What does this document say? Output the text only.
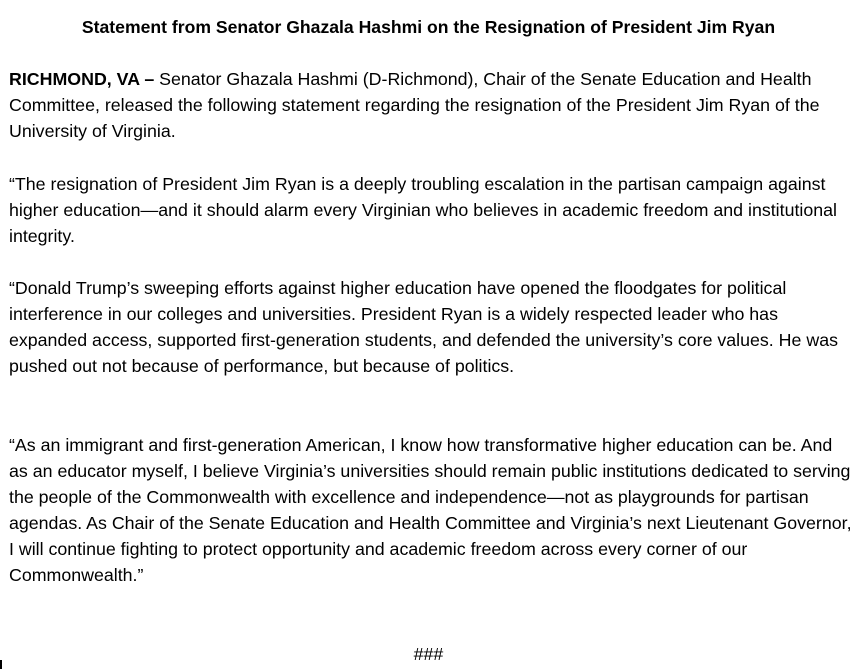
Statement from Senator Ghazala Hashmi on the Resignation of President Jim Ryan

RICHMOND, VA – Senator Ghazala Hashmi (D-Richmond), Chair of the Senate Education and Health Committee, released the following statement regarding the resignation of the President Jim Ryan of the University of Virginia.

“The resignation of President Jim Ryan is a deeply troubling escalation in the partisan campaign against higher education—and it should alarm every Virginian who believes in academic freedom and institutional integrity.

“Donald Trump’s sweeping efforts against higher education have opened the floodgates for political interference in our colleges and universities. President Ryan is a widely respected leader who has expanded access, supported first-generation students, and defended the university’s core values. He was pushed out not because of performance, but because of politics.

“As an immigrant and first-generation American, I know how transformative higher education can be. And as an educator myself, I believe Virginia’s universities should remain public institutions dedicated to serving the people of the Commonwealth with excellence and independence—not as playgrounds for partisan agendas. As Chair of the Senate Education and Health Committee and Virginia’s next Lieutenant Governor, I will continue fighting to protect opportunity and academic freedom across every corner of our Commonwealth.”

###
